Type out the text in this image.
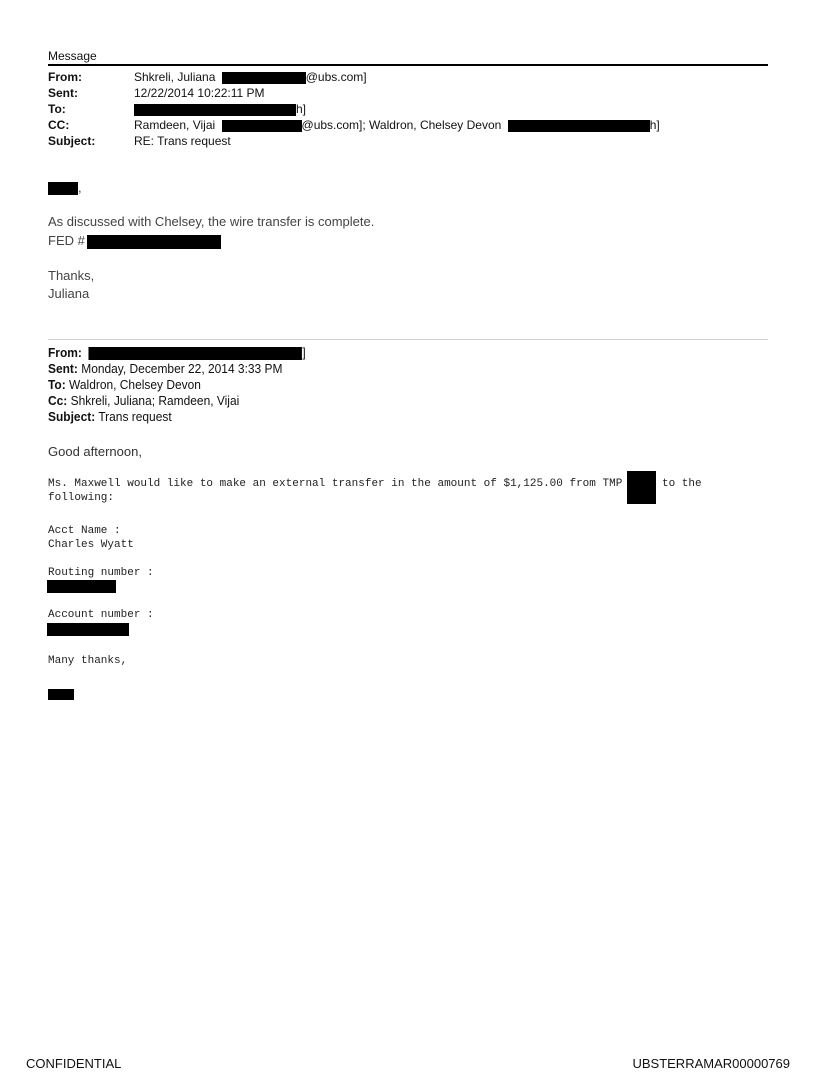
Message
From:	Shkreli, Juliana	@ubs.com]
Sent:	12/22/2014 10:22:11 PM
To:	h]
CC:	Ramdeen, Vijai	@ubs.com]; Waldron, Chelsey Devon	h]
Subject:	RE: Trans request
,
As discussed with Chelsey, the wire transfer is complete.
FED #
Thanks,
Juliana
From:	]
Sent: Monday, December 22, 2014 3:33 PM
To: Waldron, Chelsey Devon
Cc: Shkreli, Juliana; Ramdeen, Vijai
Subject: Trans request
Good afternoon,
Ms. Maxwell would like to make an external transfer in the amount of $1,125.00 from TMP	to the
following:
Acct Name :
Charles Wyatt
Routing number :
Account number :
Many thanks,
CONFIDENTIAL	UBSTERRAMAR00000769
